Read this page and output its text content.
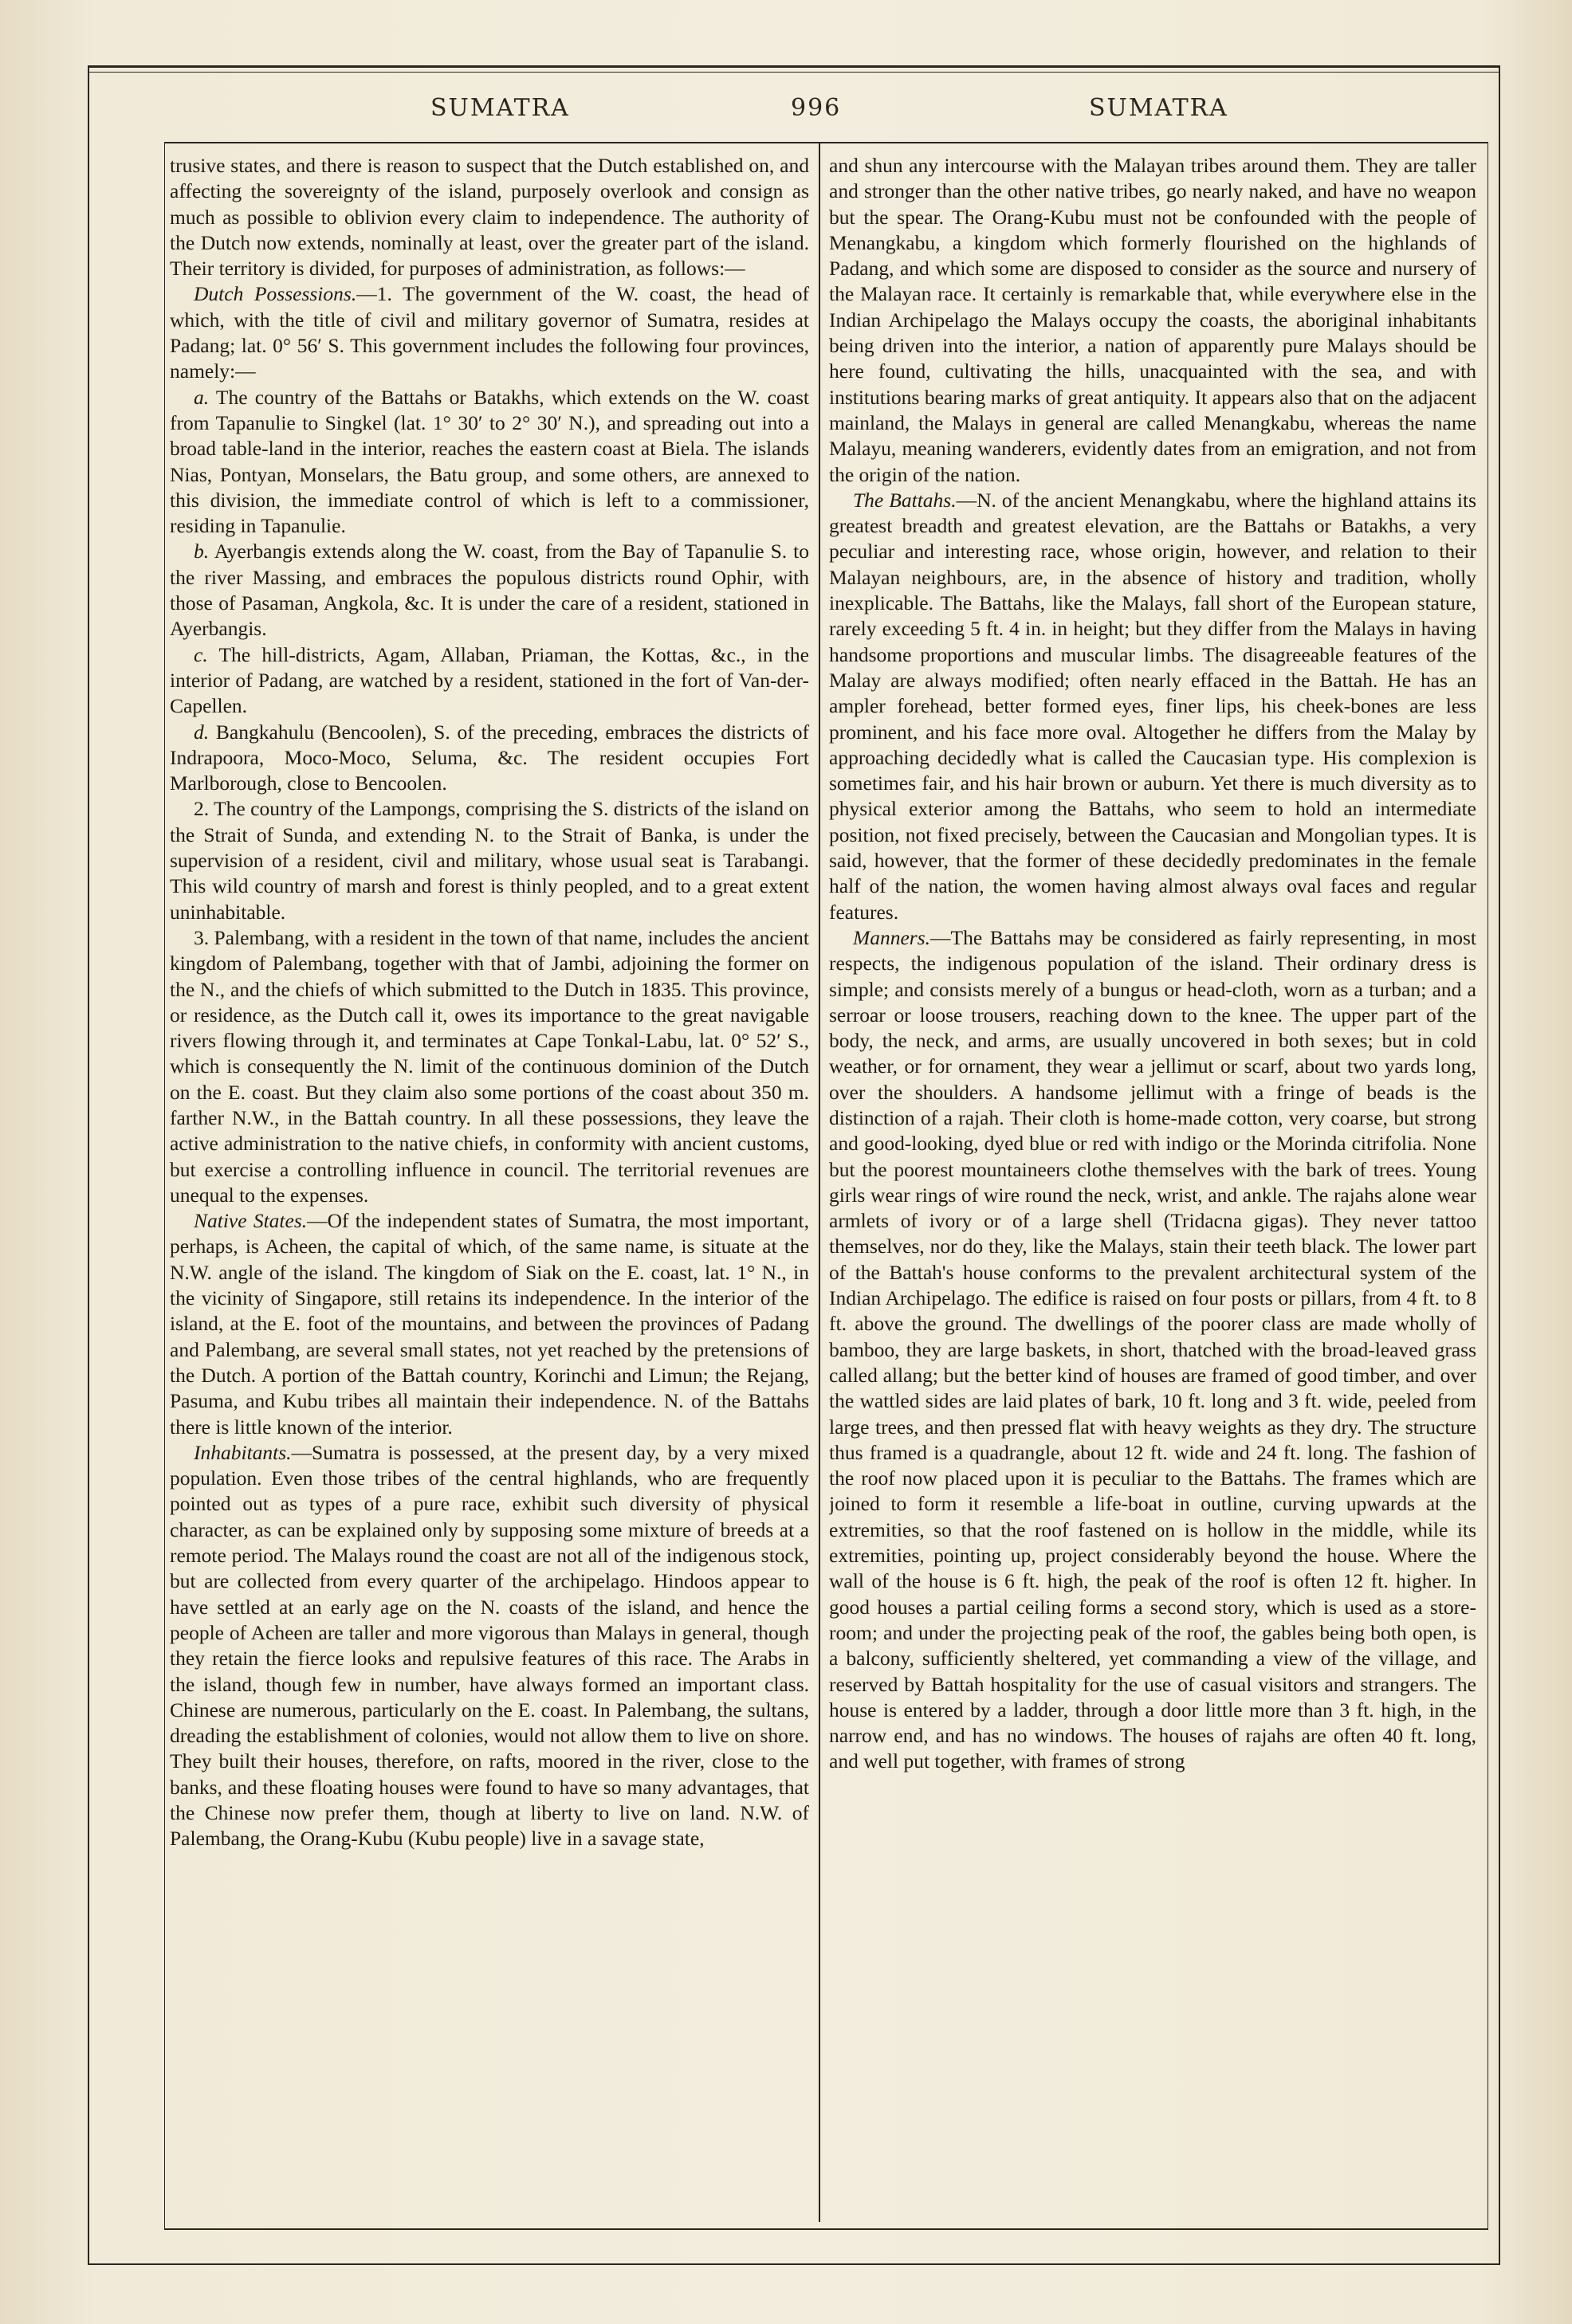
SUMATRA	996	SUMATRA

trusive states, and there is reason to suspect that the Dutch established on, and affecting the sovereignty of the island, purposely overlook and consign as much as possible to oblivion every claim to independence. The authority of the Dutch now extends, nominally at least, over the greater part of the island. Their territory is divided, for purposes of administration, as follows:—

Dutch Possessions.—1. The government of the W. coast, the head of which, with the title of civil and military governor of Sumatra, resides at Padang; lat. 0° 56′ S. This government includes the following four provinces, namely:—

a. The country of the Battahs or Batakhs, which extends on the W. coast from Tapanulie to Singkel (lat. 1° 30′ to 2° 30′ N.), and spreading out into a broad table-land in the interior, reaches the eastern coast at Biela. The islands Nias, Pontyan, Monselars, the Batu group, and some others, are annexed to this division, the immediate control of which is left to a commissioner, residing in Tapanulie.

b. Ayerbangis extends along the W. coast, from the Bay of Tapanulie S. to the river Massing, and embraces the populous districts round Ophir, with those of Pasaman, Angkola, &c. It is under the care of a resident, stationed in Ayerbangis.

c. The hill-districts, Agam, Allaban, Priaman, the Kottas, &c., in the interior of Padang, are watched by a resident, stationed in the fort of Van-der-Capellen.

d. Bangkahulu (Bencoolen), S. of the preceding, embraces the districts of Indrapoora, Moco-Moco, Seluma, &c. The resident occupies Fort Marlborough, close to Bencoolen.

2. The country of the Lampongs, comprising the S. districts of the island on the Strait of Sunda, and extending N. to the Strait of Banka, is under the supervision of a resident, civil and military, whose usual seat is Tarabangi. This wild country of marsh and forest is thinly peopled, and to a great extent uninhabitable.

3. Palembang, with a resident in the town of that name, includes the ancient kingdom of Palembang, together with that of Jambi, adjoining the former on the N., and the chiefs of which submitted to the Dutch in 1835. This province, or residence, as the Dutch call it, owes its importance to the great navigable rivers flowing through it, and terminates at Cape Tonkal-Labu, lat. 0° 52′ S., which is consequently the N. limit of the continuous dominion of the Dutch on the E. coast. But they claim also some portions of the coast about 350 m. farther N.W., in the Battah country. In all these possessions, they leave the active administration to the native chiefs, in conformity with ancient customs, but exercise a controlling influence in council. The territorial revenues are unequal to the expenses.

Native States.—Of the independent states of Sumatra, the most important, perhaps, is Acheen, the capital of which, of the same name, is situate at the N.W. angle of the island. The kingdom of Siak on the E. coast, lat. 1° N., in the vicinity of Singapore, still retains its independence. In the interior of the island, at the E. foot of the mountains, and between the provinces of Padang and Palembang, are several small states, not yet reached by the pretensions of the Dutch. A portion of the Battah country, Korinchi and Limun; the Rejang, Pasuma, and Kubu tribes all maintain their independence. N. of the Battahs there is little known of the interior.

Inhabitants.—Sumatra is possessed, at the present day, by a very mixed population. Even those tribes of the central highlands, who are frequently pointed out as types of a pure race, exhibit such diversity of physical character, as can be explained only by supposing some mixture of breeds at a remote period. The Malays round the coast are not all of the indigenous stock, but are collected from every quarter of the archipelago. Hindoos appear to have settled at an early age on the N. coasts of the island, and hence the people of Acheen are taller and more vigorous than Malays in general, though they retain the fierce looks and repulsive features of this race. The Arabs in the island, though few in number, have always formed an important class. Chinese are numerous, particularly on the E. coast. In Palembang, the sultans, dreading the establishment of colonies, would not allow them to live on shore. They built their houses, therefore, on rafts, moored in the river, close to the banks, and these floating houses were found to have so many advantages, that the Chinese now prefer them, though at liberty to live on land. N.W. of Palembang, the Orang-Kubu (Kubu people) live in a savage state,

and shun any intercourse with the Malayan tribes around them. They are taller and stronger than the other native tribes, go nearly naked, and have no weapon but the spear. The Orang-Kubu must not be confounded with the people of Menangkabu, a kingdom which formerly flourished on the highlands of Padang, and which some are disposed to consider as the source and nursery of the Malayan race. It certainly is remarkable that, while everywhere else in the Indian Archipelago the Malays occupy the coasts, the aboriginal inhabitants being driven into the interior, a nation of apparently pure Malays should be here found, cultivating the hills, unacquainted with the sea, and with institutions bearing marks of great antiquity. It appears also that on the adjacent mainland, the Malays in general are called Menangkabu, whereas the name Malayu, meaning wanderers, evidently dates from an emigration, and not from the origin of the nation.

The Battahs.—N. of the ancient Menangkabu, where the highland attains its greatest breadth and greatest elevation, are the Battahs or Batakhs, a very peculiar and interesting race, whose origin, however, and relation to their Malayan neighbours, are, in the absence of history and tradition, wholly inexplicable. The Battahs, like the Malays, fall short of the European stature, rarely exceeding 5 ft. 4 in. in height; but they differ from the Malays in having handsome proportions and muscular limbs. The disagreeable features of the Malay are always modified; often nearly effaced in the Battah. He has an ampler forehead, better formed eyes, finer lips, his cheek-bones are less prominent, and his face more oval. Altogether he differs from the Malay by approaching decidedly what is called the Caucasian type. His complexion is sometimes fair, and his hair brown or auburn. Yet there is much diversity as to physical exterior among the Battahs, who seem to hold an intermediate position, not fixed precisely, between the Caucasian and Mongolian types. It is said, however, that the former of these decidedly predominates in the female half of the nation, the women having almost always oval faces and regular features.

Manners.—The Battahs may be considered as fairly representing, in most respects, the indigenous population of the island. Their ordinary dress is simple; and consists merely of a bungus or head-cloth, worn as a turban; and a serroar or loose trousers, reaching down to the knee. The upper part of the body, the neck, and arms, are usually uncovered in both sexes; but in cold weather, or for ornament, they wear a jellimut or scarf, about two yards long, over the shoulders. A handsome jellimut with a fringe of beads is the distinction of a rajah. Their cloth is home-made cotton, very coarse, but strong and good-looking, dyed blue or red with indigo or the Morinda citrifolia. None but the poorest mountaineers clothe themselves with the bark of trees. Young girls wear rings of wire round the neck, wrist, and ankle. The rajahs alone wear armlets of ivory or of a large shell (Tridacna gigas). They never tattoo themselves, nor do they, like the Malays, stain their teeth black. The lower part of the Battah's house conforms to the prevalent architectural system of the Indian Archipelago. The edifice is raised on four posts or pillars, from 4 ft. to 8 ft. above the ground. The dwellings of the poorer class are made wholly of bamboo, they are large baskets, in short, thatched with the broad-leaved grass called allang; but the better kind of houses are framed of good timber, and over the wattled sides are laid plates of bark, 10 ft. long and 3 ft. wide, peeled from large trees, and then pressed flat with heavy weights as they dry. The structure thus framed is a quadrangle, about 12 ft. wide and 24 ft. long. The fashion of the roof now placed upon it is peculiar to the Battahs. The frames which are joined to form it resemble a life-boat in outline, curving upwards at the extremities, so that the roof fastened on is hollow in the middle, while its extremities, pointing up, project considerably beyond the house. Where the wall of the house is 6 ft. high, the peak of the roof is often 12 ft. higher. In good houses a partial ceiling forms a second story, which is used as a store-room; and under the projecting peak of the roof, the gables being both open, is a balcony, sufficiently sheltered, yet commanding a view of the village, and reserved by Battah hospitality for the use of casual visitors and strangers. The house is entered by a ladder, through a door little more than 3 ft. high, in the narrow end, and has no windows. The houses of rajahs are often 40 ft. long, and well put together, with frames of strong
